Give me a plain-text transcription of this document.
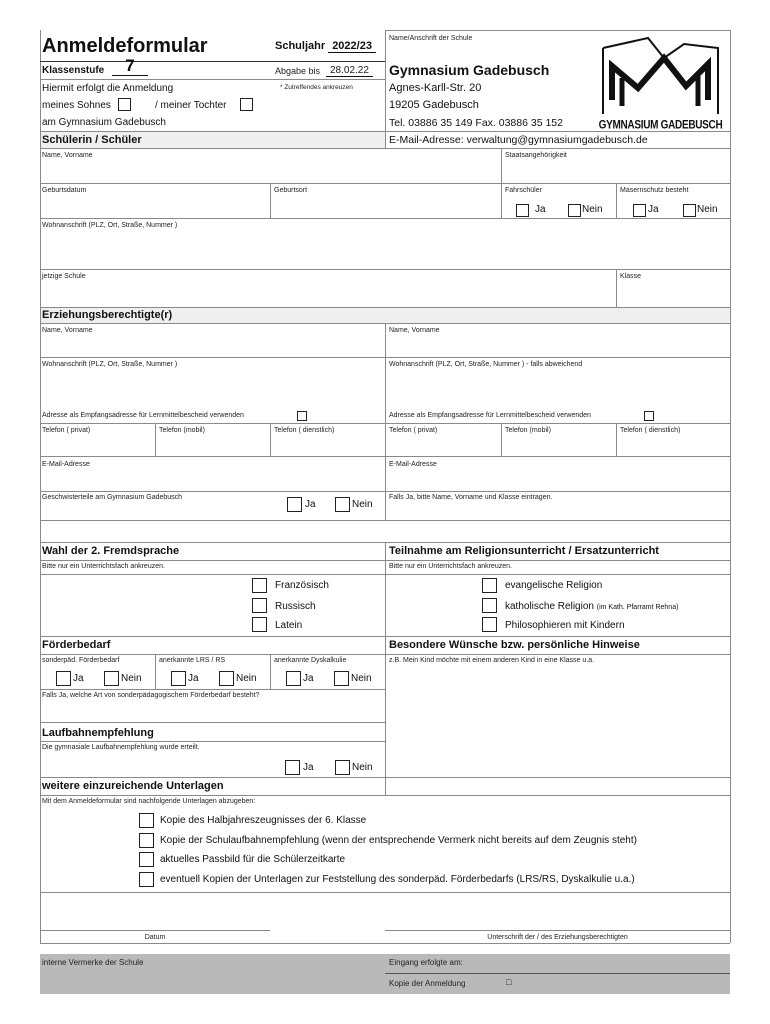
Anmeldeformular	Schuljahr 2022/23
Klassenstufe	7	Abgabe bis 28.02.22
Hiermit erfolgt die Anmeldung	* Zutreffendes ankreuzen
meines Sohnes	/ meiner Tochter
am Gymnasium Gadebusch
Name/Anschrift der Schule
Gymnasium Gadebusch
Agnes-Karll-Str. 20
19205 Gadebusch
Tel. 03886 35 149 Fax. 03886 35 152
E-Mail-Adresse: verwaltung@gymnasiumgadebusch.de
GYMNASIUM GADEBUSCH
Schülerin / Schüler
Name, Vorname	Staatsangehörigkeit
Geburtsdatum	Geburtsort	Fahrschüler	Masernschutz besteht
Ja	Nein	Ja	Nein
Wohnanschrift (PLZ, Ort, Straße, Nummer )
jetzige Schule	Klasse
Erziehungsberechtigte(r)
Name, Vorname	Name, Vorname
Wohnanschrift (PLZ, Ort, Straße, Nummer )	Wohnanschrift (PLZ, Ort, Straße, Nummer ) - falls abweichend
Adresse als Empfangsadresse für Lernmittelbescheid verwenden	Adresse als Empfangsadresse für Lernmittelbescheid verwenden
Telefon ( privat)	Telefon (mobil)	Telefon ( dienstlich)	Telefon ( privat)	Telefon (mobil)	Telefon ( dienstlich)
E-Mail-Adresse	E-Mail-Adresse
Geschwisterteile am Gymnasium Gadebusch
Ja	Nein
Falls Ja, bitte Name, Vorname und Klasse eintragen.
Wahl der 2. Fremdsprache	Teilnahme am Religionsunterricht / Ersatzunterricht
Bitte nur ein Unterrichtsfach ankreuzen.	Bitte nur ein Unterrichtsfach ankreuzen.
Französisch
Russisch
Latein
evangelische Religion
katholische Religion (im Kath. Pfarramt Rehna)
Philosophieren mit Kindern
Förderbedarf	Besondere Wünsche bzw. persönliche Hinweise
sonderpäd. Förderbedarf	anerkannte LRS / RS	anerkannte Dyskalkulie	z.B. Mein Kind möchte mit einem anderen Kind in eine Klasse u.a.
Ja	Nein	Ja	Nein	Ja	Nein
Falls Ja, welche Art von sonderpädagogischem Förderbedarf besteht?
Laufbahnempfehlung
Die gymnasiale Laufbahnempfehlung wurde erteilt.
Ja	Nein
weitere einzureichende Unterlagen
Mit dem Anmeldeformular sind nachfolgende Unterlagen abzugeben:
Kopie des Halbjahreszeugnisses der 6. Klasse
Kopie der Schulaufbahnempfehlung (wenn der entsprechende Vermerk nicht bereits auf dem Zeugnis steht)
aktuelles Passbild für die Schülerzeitkarte
eventuell Kopien der Unterlagen zur Feststellung des sonderpäd. Förderbedarfs (LRS/RS, Dyskalkulie u.a.)
Datum	Unterschrift der / des Erziehungsberechtigten
interne Vermerke der Schule	Eingang erfolgte am:
Kopie der Anmeldung	□
